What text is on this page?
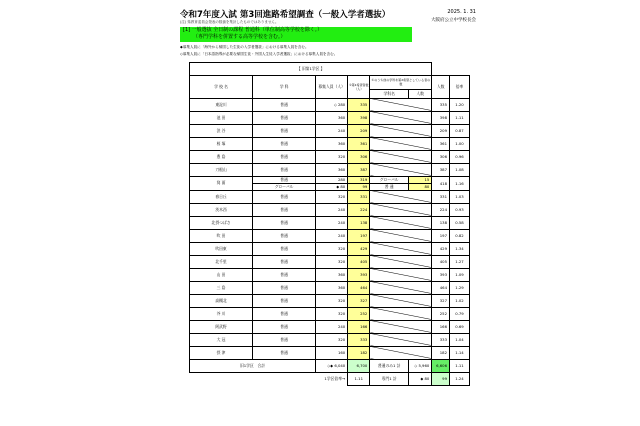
令和7年度入試 第3回進路希望調査（一般入学者選抜）
(注) 県教育委員会発表の数値を集計したものではありません。
2025. 1. 31
大阪府公立中学校長会
[1] 一般選抜 全日制の課程 普通科（単位制高等学校を除く。）
（専門学科を併置する高等学校を含む。）
◆募集人員に「海外から帰国した生徒の入学者選抜」における募集人員を含む。
◇募集人員に「日本語指導が必要な帰国生徒・外国人生徒入学者選抜」における募集人員を含む。
【 旧第1学区 】							
学 校 名	学 科	募集人員（人）	①第1希望者数（人）	①のうち他の学科を第2希望としている者の数		人数	倍率
				学科名	人数		
東淀川	普通	◇ 280	335			335	1.20
池 田	普通	360	398			398	1.11
渋 谷	普通	240	209			209	0.87
桜 塚	普通	360	361			361	1.00
豊 島	普通	320	306			306	0.96
刀根山	普通	360	387			387	1.08
箕 面	普通	280	319	グローバル	15	418	1.16
	グローバル	◆ 80	99	普 通	80		
春日丘	普通	320	331			331	1.03
茨木西	普通	240	224			224	0.93
北摂つばさ	普通	240	138			138	0.58
吹 田	普通	240	197			197	0.82
吹田東	普通	320	429			429	1.34
北千里	普通	320	405			405	1.27
山 田	普通	360	393			393	1.09
三 島	普通	360	464			464	1.29
高槻北	普通	320	327			327	1.02
芥 川	普通	320	252			252	0.79
阿武野	普通	240	166			166	0.69
大 冠	普通	320	333			333	1.04
摂 津	普通	160	182			182	1.14
旧1学区　合計		◇◆ 6,040	6,700	普通のみ1 計	◇ 5,960	6,606	1.11
1学区倍率→			1.11	専門1 計	◆ 80	99	1.24
